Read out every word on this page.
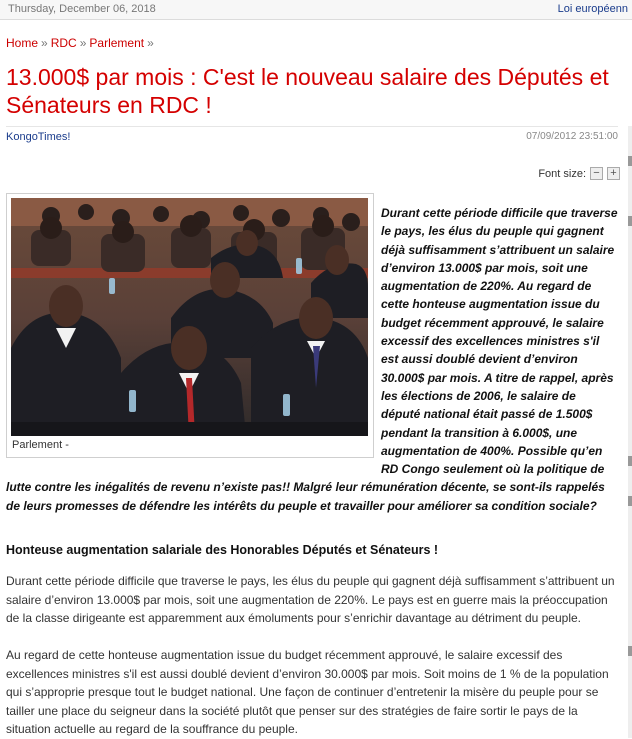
Thursday, December 06, 2018	Loi européenn
Home » RDC » Parlement »
13.000$ par mois : C'est le nouveau salaire des Députés et Sénateurs en RDC !
KongoTimes!	07/09/2012 23:51:00
Font size: − +

Durant cette période difficile que traverse le pays, les élus du peuple qui gagnent déjà suffisamment s’attribuent un salaire d’environ 13.000$ par mois, soit une augmentation de 220%. Au regard de cette honteuse augmentation issue du budget récemment approuvé, le salaire excessif des excellences ministres s'il est aussi doublé devient d’environ 30.000$ par mois. A titre de rappel, après les élections de 2006, le salaire de député national était passé de 1.500$ pendant la transition à 6.000$, une augmentation de 400%. Possible qu’en RD Congo seulement où la politique de lutte contre les inégalités de revenu n’existe pas!! Malgré leur rémunération décente, se sont-ils rappelés de leurs promesses de défendre les intérêts du peuple et travailler pour améliorer sa condition sociale?

Parlement -
Honteuse augmentation salariale des Honorables Députés et Sénateurs !

Durant cette période difficile que traverse le pays, les élus du peuple qui gagnent déjà suffisamment s’attribuent un salaire d’environ 13.000$ par mois, soit une augmentation de 220%. Le pays est en guerre mais la préoccupation de la classe dirigeante est apparemment aux émoluments pour s’enrichir davantage au détriment du peuple.

Au regard de cette honteuse augmentation issue du budget récemment approuvé, le salaire excessif des excellences ministres s'il est aussi doublé devient d’environ 30.000$ par mois. Soit moins de 1 % de la population qui s’approprie presque tout le budget national. Une façon de continuer d’entretenir la misère du peuple pour se tailler une place du seigneur dans la société plutôt que penser sur des stratégies de faire sortir le pays de la situation actuelle au regard de la souffrance du peuple.
